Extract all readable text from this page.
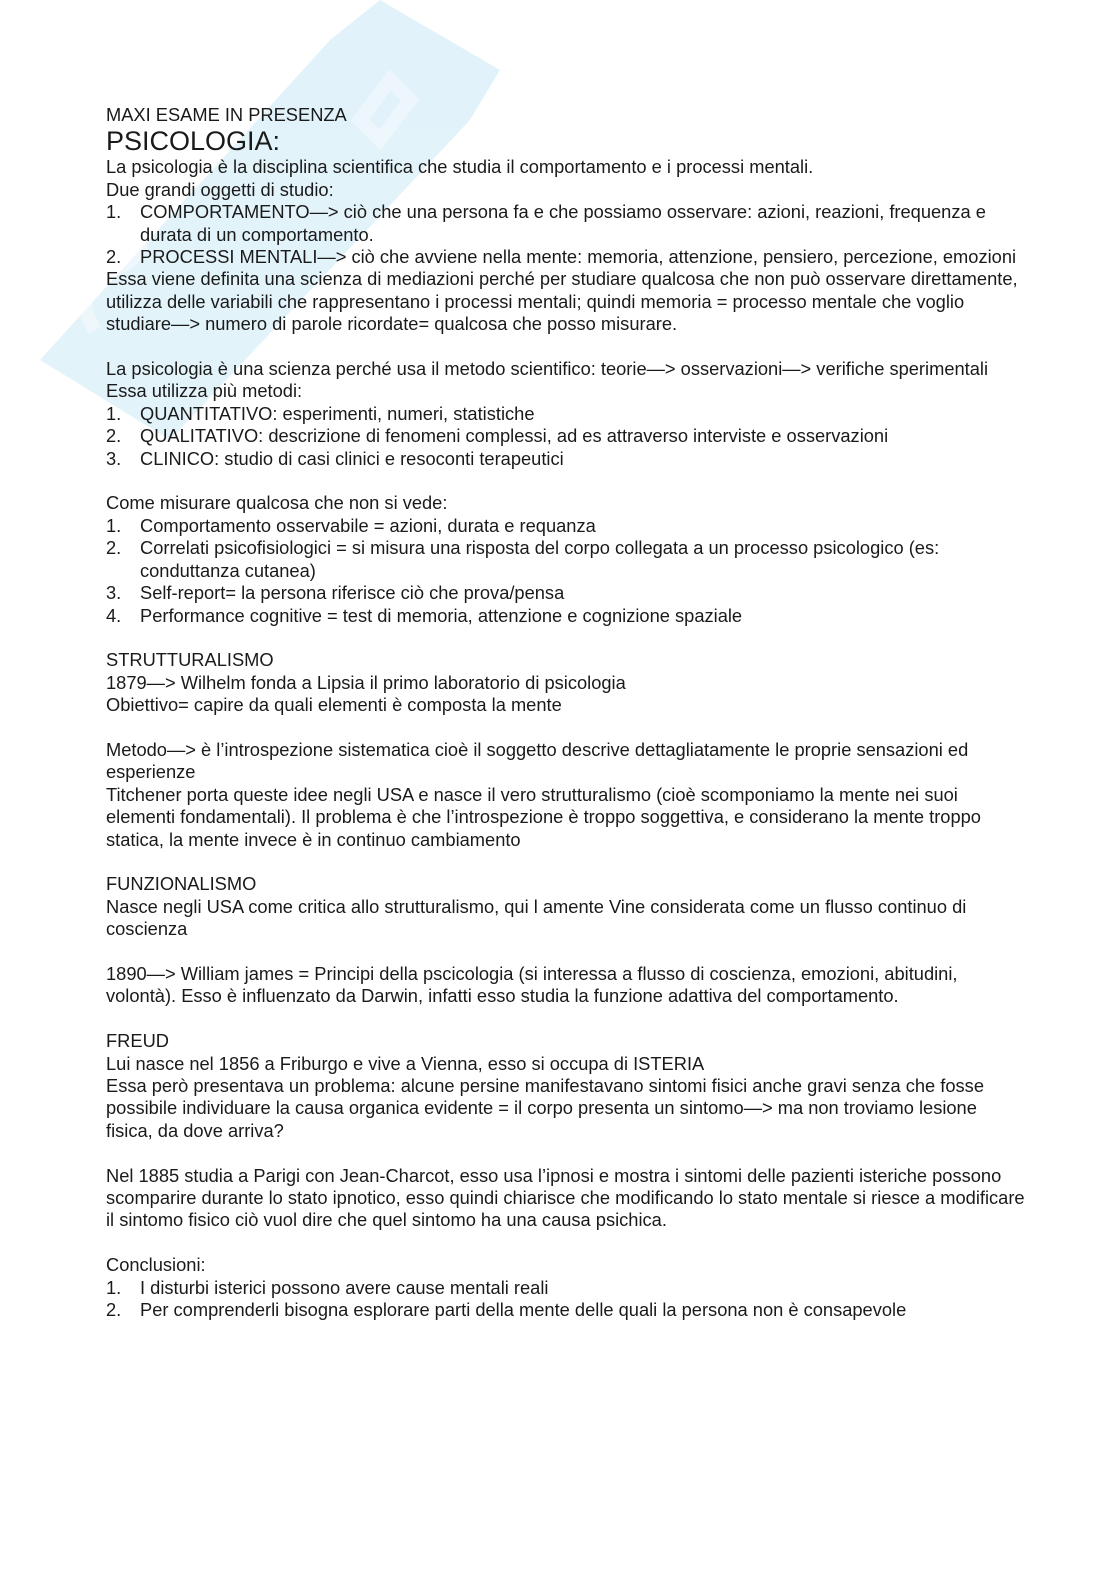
MAXI ESAME IN PRESENZA
PSICOLOGIA:
La psicologia è la disciplina scientifica che studia il comportamento e i processi mentali.
Due grandi oggetti di studio:
1. COMPORTAMENTO—> ciò che una persona fa e che possiamo osservare: azioni, reazioni, frequenza e durata di un comportamento.
2. PROCESSI MENTALI—> ciò che avviene nella mente: memoria, attenzione, pensiero, percezione, emozioni
Essa viene definita una scienza di mediazioni perché per studiare qualcosa che non può osservare direttamente, utilizza delle variabili che rappresentano i processi mentali; quindi memoria = processo mentale che voglio studiare—> numero di parole ricordate= qualcosa che posso misurare.
La psicologia è una scienza perché usa il metodo scientifico: teorie—> osservazioni—> verifiche sperimentali
Essa utilizza più metodi:
1. QUANTITATIVO: esperimenti, numeri, statistiche
2. QUALITATIVO: descrizione di fenomeni complessi, ad es attraverso interviste e osservazioni
3. CLINICO: studio di casi clinici e resoconti terapeutici
Come misurare qualcosa che non si vede:
1. Comportamento osservabile = azioni, durata e requanza
2. Correlati psicofisiologici = si misura una risposta del corpo collegata a un processo psicologico (es: conduttanza cutanea)
3. Self-report= la persona riferisce ciò che prova/pensa
4. Performance cognitive = test di memoria, attenzione e cognizione spaziale
STRUTTURALISMO
1879—> Wilhelm fonda a Lipsia il primo laboratorio di psicologia
Obiettivo= capire da quali elementi è composta la mente
Metodo—> è l’introspezione sistematica cioè il soggetto descrive dettagliatamente le proprie sensazioni ed esperienze
Titchener porta queste idee negli USA e nasce il vero strutturalismo (cioè scomponiamo la mente nei suoi elementi fondamentali). Il problema è che l’introspezione è troppo soggettiva, e considerano la mente troppo statica, la mente invece è in continuo cambiamento
FUNZIONALISMO
Nasce negli USA come critica allo strutturalismo, qui l amente Vine considerata come un flusso continuo di coscienza
1890—> William james = Principi della pscicologia (si interessa a flusso di coscienza, emozioni, abitudini, volontà). Esso è influenzato da Darwin, infatti esso studia la funzione adattiva del comportamento.
FREUD
Lui nasce nel 1856 a Friburgo e vive a Vienna, esso si occupa di ISTERIA
Essa però presentava un problema: alcune persine manifestavano sintomi fisici anche gravi senza che fosse possibile individuare la causa organica evidente = il corpo presenta un sintomo—> ma non troviamo lesione fisica, da dove arriva?
Nel 1885 studia a Parigi con Jean-Charcot, esso usa l’ipnosi e mostra i sintomi delle pazienti isteriche possono scomparire durante lo stato ipnotico, esso quindi chiarisce che modificando lo stato mentale si riesce a modificare il sintomo fisico ciò vuol dire che quel sintomo ha una causa psichica.
Conclusioni:
1. I disturbi isterici possono avere cause mentali reali
2. Per comprenderli bisogna esplorare parti della mente delle quali la persona non è consapevole
